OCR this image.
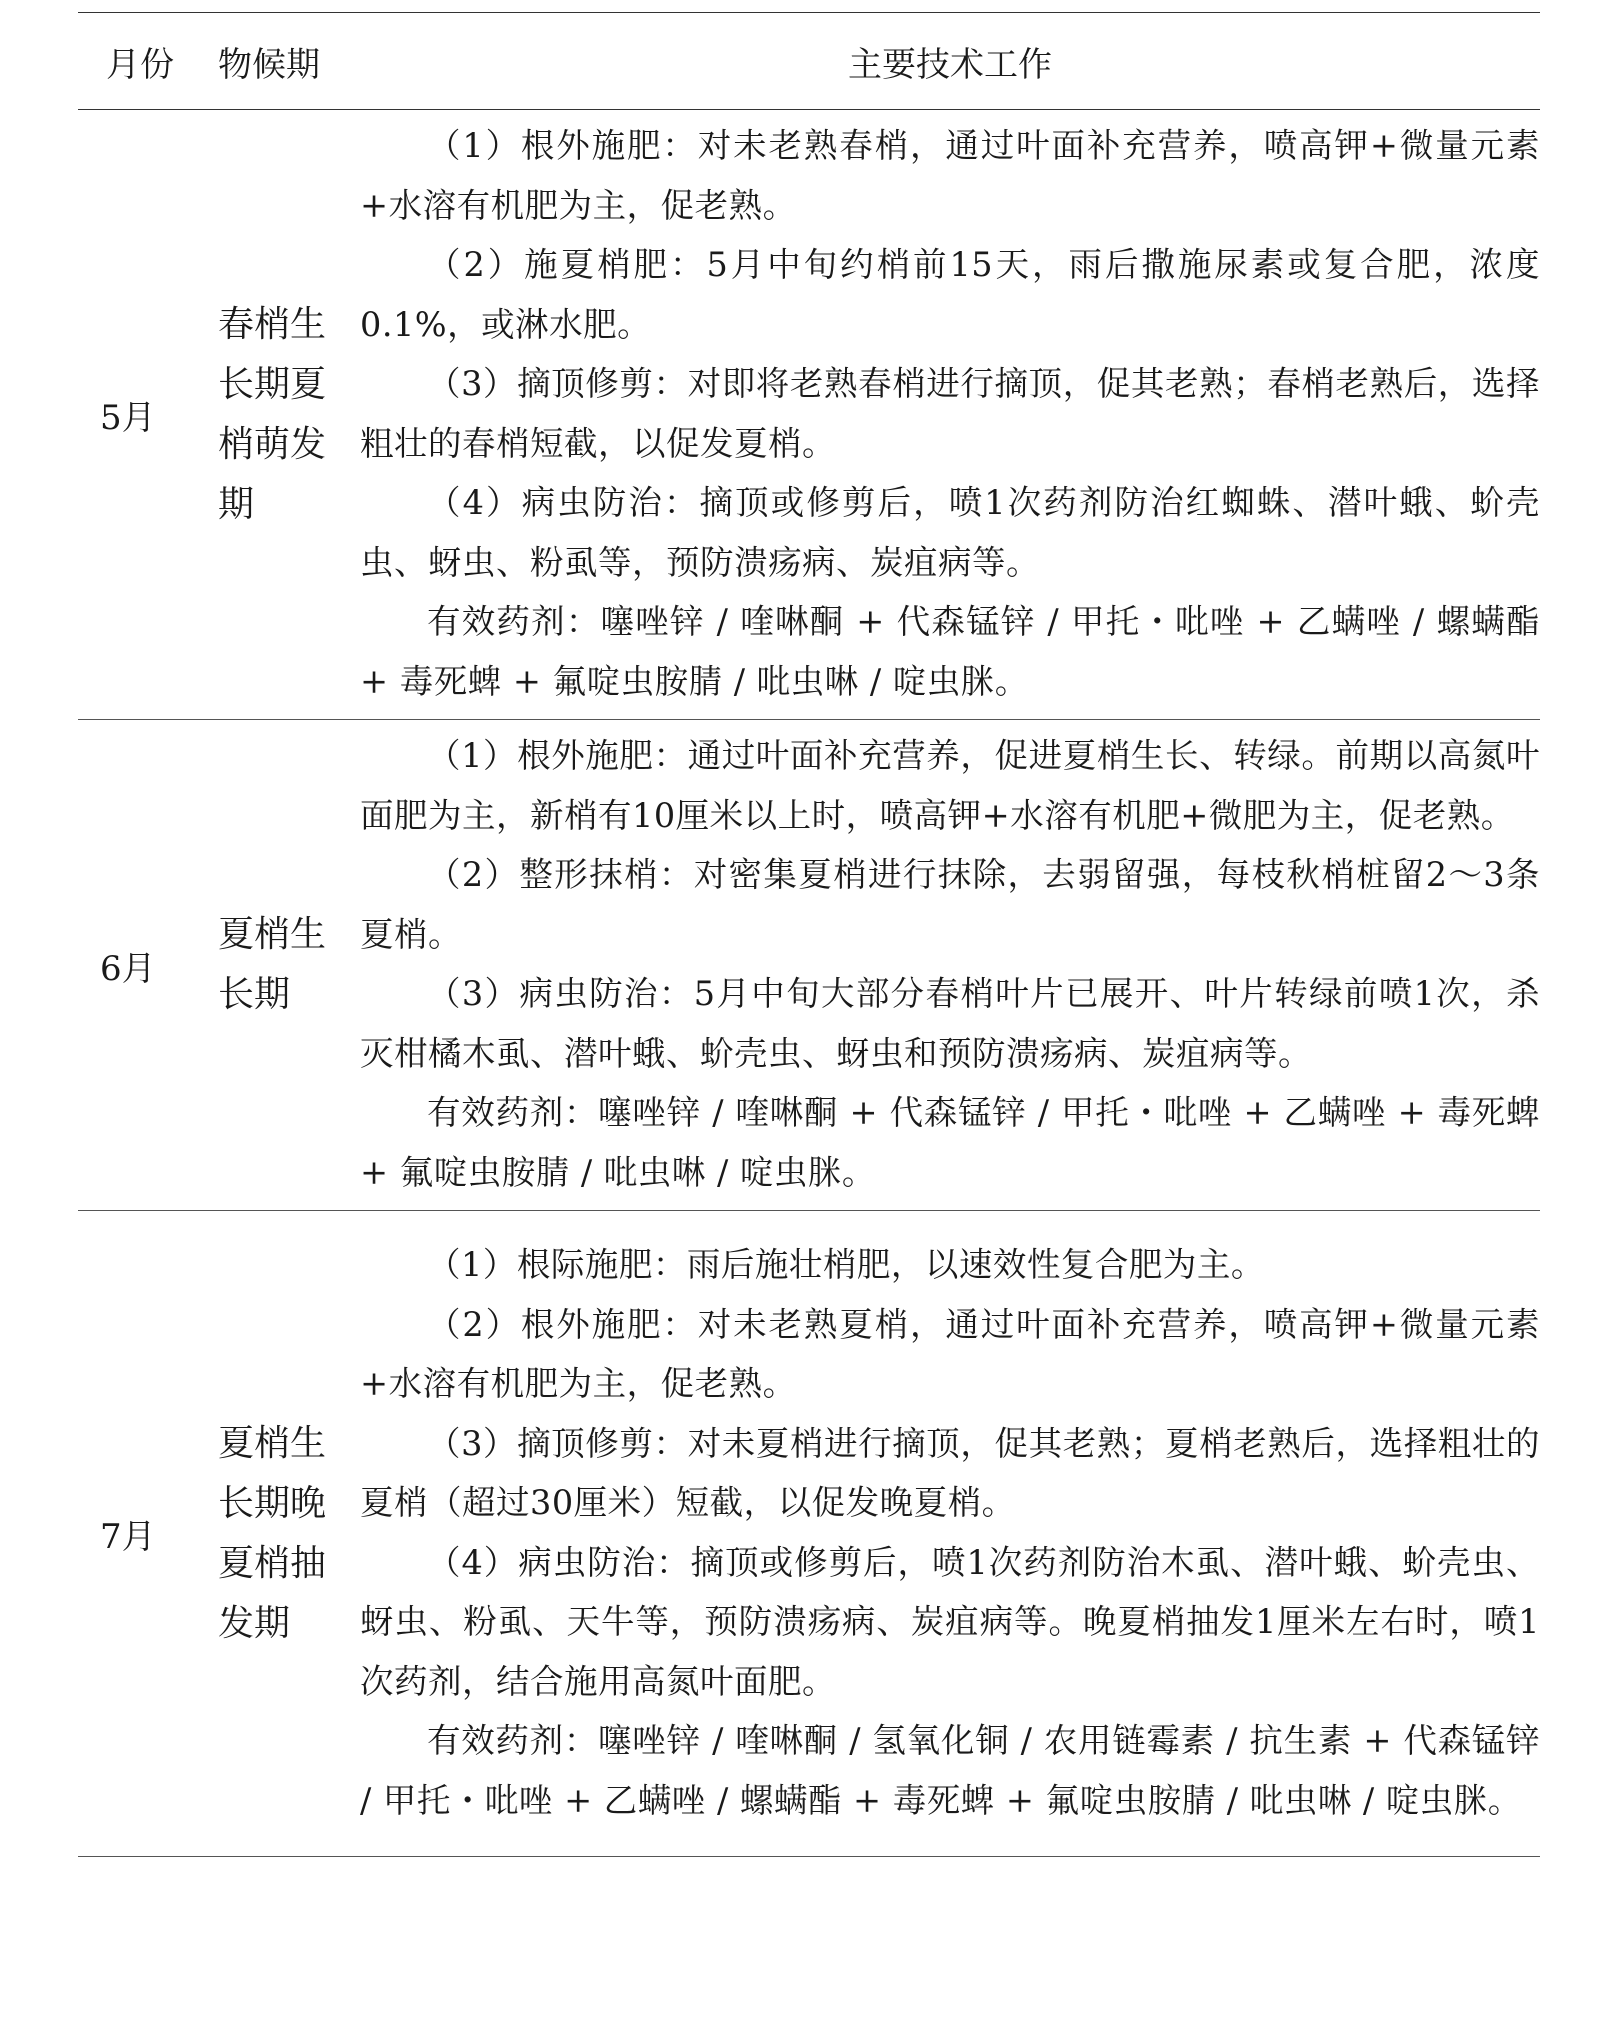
月份	物候期	主要技术工作
5月	春梢生长期夏梢萌发期	（1）根外施肥：对未老熟春梢，通过叶面补充营养，喷高钾+微量元素+水溶有机肥为主，促老熟。

（2）施夏梢肥：5月中旬约梢前15天，雨后撒施尿素或复合肥，浓度0.1%，或淋水肥。

（3）摘顶修剪：对即将老熟春梢进行摘顶，促其老熟；春梢老熟后，选择粗壮的春梢短截，以促发夏梢。

（4）病虫防治：摘顶或修剪后，喷1次药剂防治红蜘蛛、潜叶蛾、蚧壳虫、蚜虫、粉虱等，预防溃疡病、炭疽病等。

有效药剂：噻唑锌 / 喹啉酮 + 代森锰锌 / 甲托・吡唑 + 乙螨唑 / 螺螨酯 + 毒死蜱 + 氟啶虫胺腈 / 吡虫啉 / 啶虫脒。

6月	夏梢生长期	（1）根外施肥：通过叶面补充营养，促进夏梢生长、转绿。前期以高氮叶面肥为主，新梢有10厘米以上时，喷高钾+水溶有机肥+微肥为主，促老熟。

（2）整形抹梢：对密集夏梢进行抹除，去弱留强，每枝秋梢桩留2～3条夏梢。

（3）病虫防治：5月中旬大部分春梢叶片已展开、叶片转绿前喷1次，杀灭柑橘木虱、潜叶蛾、蚧壳虫、蚜虫和预防溃疡病、炭疽病等。

有效药剂：噻唑锌 / 喹啉酮 + 代森锰锌 / 甲托・吡唑 + 乙螨唑 + 毒死蜱 + 氟啶虫胺腈 / 吡虫啉 / 啶虫脒。

7月	夏梢生长期晚夏梢抽发期	（1）根际施肥：雨后施壮梢肥，以速效性复合肥为主。

（2）根外施肥：对未老熟夏梢，通过叶面补充营养，喷高钾+微量元素+水溶有机肥为主，促老熟。

（3）摘顶修剪：对未夏梢进行摘顶，促其老熟；夏梢老熟后，选择粗壮的夏梢（超过30厘米）短截，以促发晚夏梢。

（4）病虫防治：摘顶或修剪后，喷1次药剂防治木虱、潜叶蛾、蚧壳虫、蚜虫、粉虱、天牛等，预防溃疡病、炭疽病等。晚夏梢抽发1厘米左右时，喷1次药剂，结合施用高氮叶面肥。

有效药剂：噻唑锌 / 喹啉酮 / 氢氧化铜 / 农用链霉素 / 抗生素 + 代森锰锌 / 甲托・吡唑 + 乙螨唑 / 螺螨酯 + 毒死蜱 + 氟啶虫胺腈 / 吡虫啉 / 啶虫脒。
